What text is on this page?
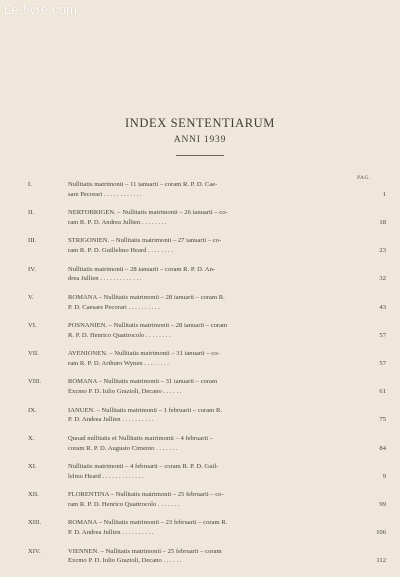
Le-livre.com
INDEX SENTENTIARUM
ANNI 1939
PAG.
I.	Nullitatis matrimonii – 11 ianuarii – coram R. P. D. Cae-
sare Pecorari . . . . . . . . . . . .	1
II.	NERTOBRIGEN. – Nullitatis matrimonii – 26 ianuarii – co-
ram R. P. D. Andrea Jullien . . . . . . . .	18
III.	STRIGONIEN. – Nullitatis matrimonii – 27 ianuarii – co-
ram R. P. D. Guillelmo Heard . . . . . . . .	23
IV.	Nullitatis matrimonii – 28 ianuarii – coram R. P. D. An-
drea Jullien . . . . . . . . . . . . .	32
V.	ROMANA – Nullitatis matrimonii – 28 ianuarii – coram R.
P. D. Caesare Pecorari . . . . . . . . . .	43
VI.	POSNANIEN. – Nullitatis matrimonii – 28 ianuarii – coram
R. P. D. Henrico Quattrocolo . . . . . . . .	57
VII.	AVENIONEN. – Nullitatis matrimonii – 31 ianuarii – co-
ram R. P. D. Arthuro Wynen . . . . . . . .	57
VIII.	ROMANA – Nullitatis matrimonii – 31 ianuarii – coram
Excmo P. D. Iulio Grazioli, Decano . . . . . .	61
IX.	IANUEN. – Nullitatis matrimonii – 1 februarii – coram R.
P. D. Andrea Jullien . . . . . . . . . .	75
X.	Quoad nullitatis et Nullitatis matrimonii – 4 februarii –
coram R. P. D. Augusto Cimento . . . . . . .	84
XI.	Nullitatis matrimonii – 4 februarii – coram R. P. D. Guil-
lelmo Heard . . . . . . . . . . . . .	9
XII.	FLORENTINA – Nullitatis matrimonii – 25 februarii – co-
ram R. P. D. Henrico Quattrocolo . . . . . . .	99
XIII.	ROMANA – Nullitatis matrimonii – 23 februarii – coram R.
P. D. Andrea Jullien . . . . . . . . . .	106
XIV.	VIENNEN. – Nullitatis matrimonii – 25 februarii – coram
Excmo P. D. Iulio Grazioli, Decano . . . . . .	112
